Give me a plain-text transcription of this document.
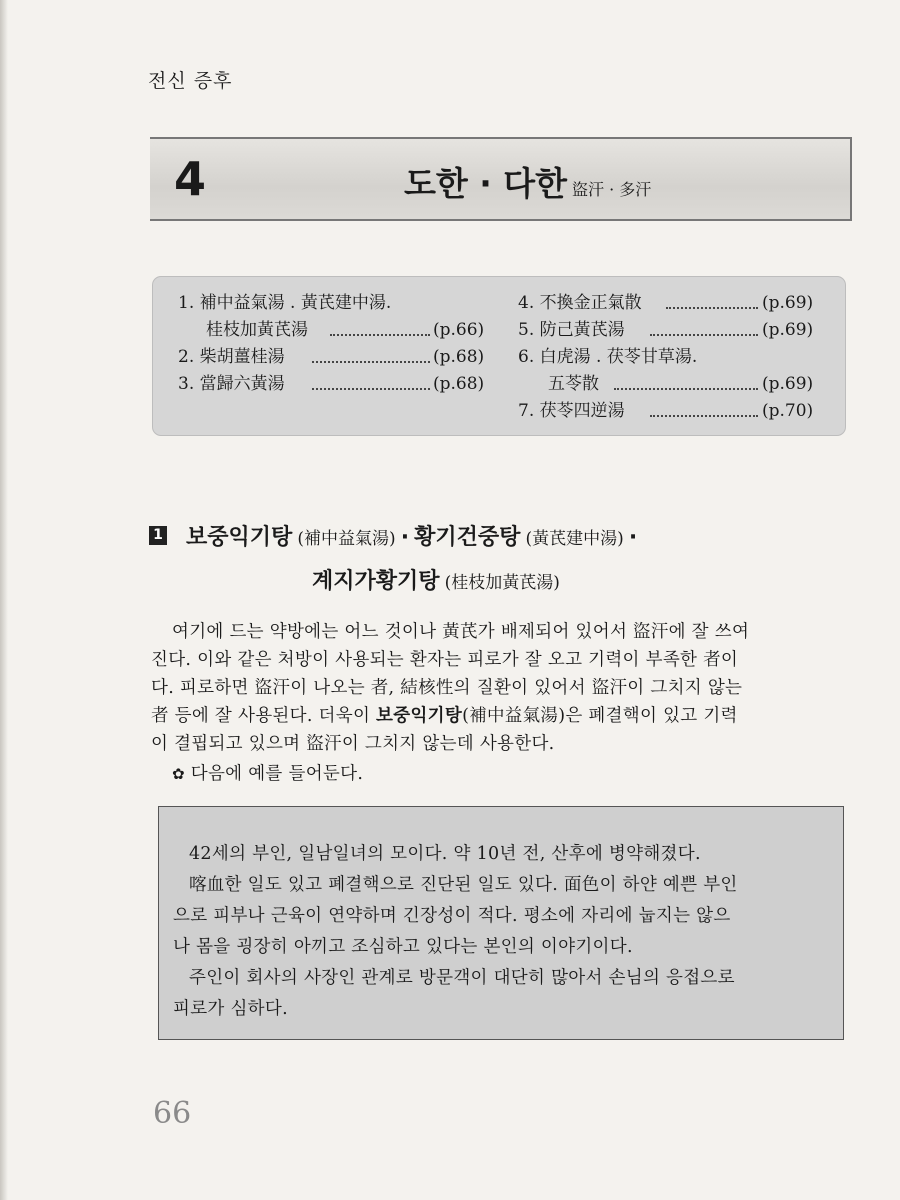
전신 증후
4	도한 · 다한 盜汗 · 多汗
1. 補中益氣湯 . 黃芪建中湯.
桂枝加黃芪湯	(p.66)
2. 柴胡薑桂湯	(p.68)
3. 當歸六黃湯	(p.68)
4. 不換金正氣散	(p.69)
5. 防己黃芪湯	(p.69)
6. 白虎湯 . 茯苓甘草湯.
五苓散	(p.69)
7. 茯苓四逆湯	(p.70)
1 보중익기탕 (補中益氣湯) · 황기건중탕 (黃芪建中湯) ·
계지가황기탕 (桂枝加黃芪湯)
여기에 드는 약방에는 어느 것이나 黃芪가 배제되어 있어서 盜汗에 잘 쓰여
진다. 이와 같은 처방이 사용되는 환자는 피로가 잘 오고 기력이 부족한 者이
다. 피로하면 盜汗이 나오는 者, 結核性의 질환이 있어서 盜汗이 그치지 않는
者 등에 잘 사용된다. 더욱이 보중익기탕(補中益氣湯)은 폐결핵이 있고 기력
이 결핍되고 있으며 盜汗이 그치지 않는데 사용한다.
✿ 다음에 예를 들어둔다.
42세의 부인, 일남일녀의 모이다. 약 10년 전, 산후에 병약해졌다.
喀血한 일도 있고 폐결핵으로 진단된 일도 있다. 面色이 하얀 예쁜 부인
으로 피부나 근육이 연약하며 긴장성이 적다. 평소에 자리에 눕지는 않으
나 몸을 굉장히 아끼고 조심하고 있다는 본인의 이야기이다.
주인이 회사의 사장인 관계로 방문객이 대단히 많아서 손님의 응접으로
피로가 심하다.
66
